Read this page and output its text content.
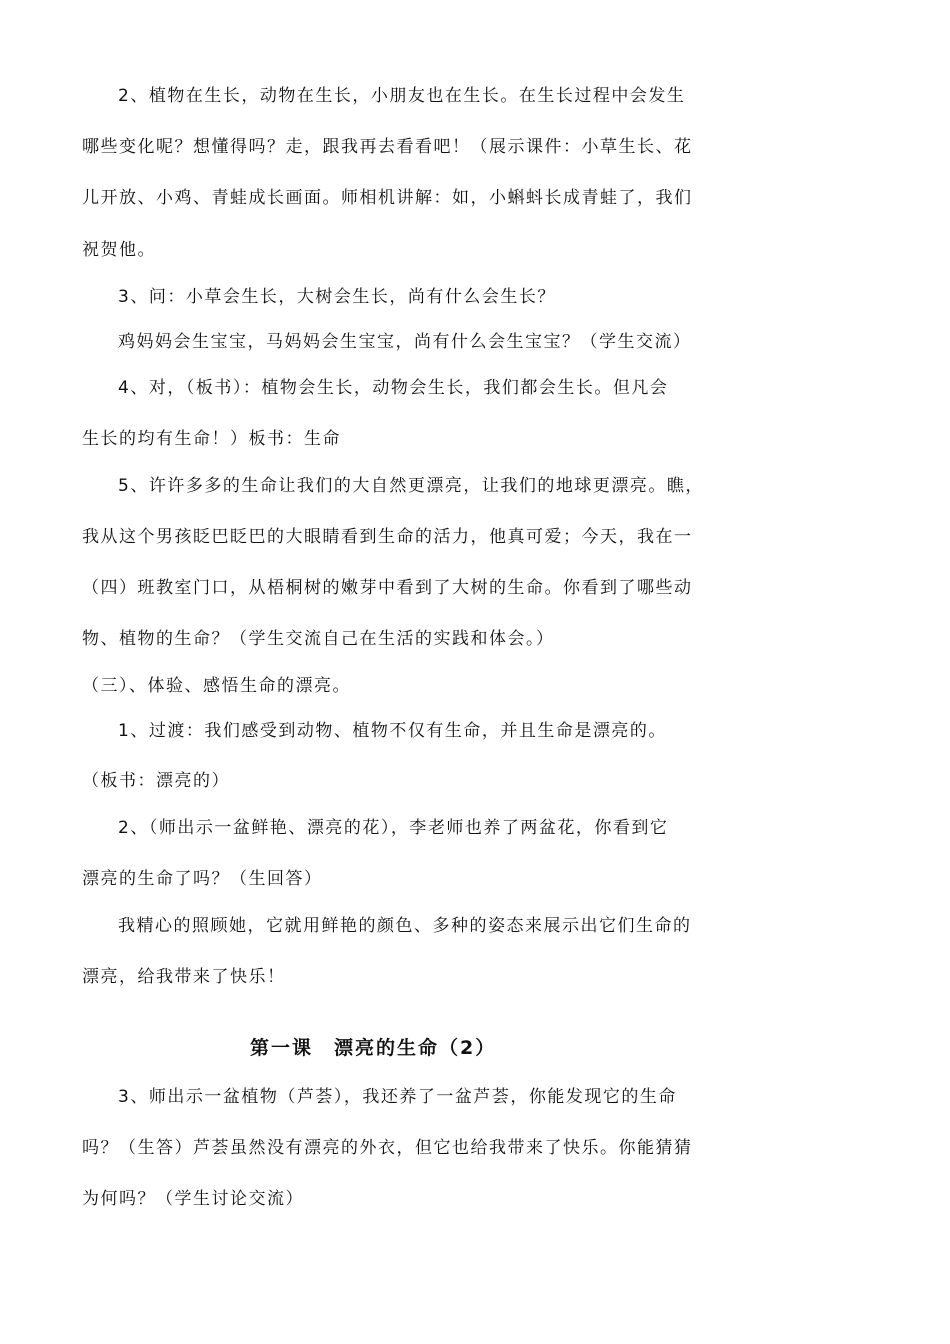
2、植物在生长，动物在生长，小朋友也在生长。在生长过程中会发生
哪些变化呢？想懂得吗？走，跟我再去看看吧！（展示课件：小草生长、花
儿开放、小鸡、青蛙成长画面。师相机讲解：如，小蝌蚪长成青蛙了，我们
祝贺他。
3、问：小草会生长，大树会生长，尚有什么会生长？
鸡妈妈会生宝宝，马妈妈会生宝宝，尚有什么会生宝宝？（学生交流）
4、对，（板书）：植物会生长，动物会生长，我们都会生长。但凡会
生长的均有生命！）板书：生命
5、许许多多的生命让我们的大自然更漂亮，让我们的地球更漂亮。瞧，
我从这个男孩眨巴眨巴的大眼睛看到生命的活力，他真可爱；今天，我在一
（四）班教室门口，从梧桐树的嫩芽中看到了大树的生命。你看到了哪些动
物、植物的生命？（学生交流自己在生活的实践和体会。）
（三）、体验、感悟生命的漂亮。
1、过渡：我们感受到动物、植物不仅有生命，并且生命是漂亮的。
（板书：漂亮的）
2、（师出示一盆鲜艳、漂亮的花），李老师也养了两盆花，你看到它
漂亮的生命了吗？（生回答）
我精心的照顾她，它就用鲜艳的颜色、多种的姿态来展示出它们生命的
漂亮，给我带来了快乐！
第一课　漂亮的生命（2）
3、师出示一盆植物（芦荟），我还养了一盆芦荟，你能发现它的生命
吗？（生答）芦荟虽然没有漂亮的外衣，但它也给我带来了快乐。你能猜猜
为何吗？（学生讨论交流）
